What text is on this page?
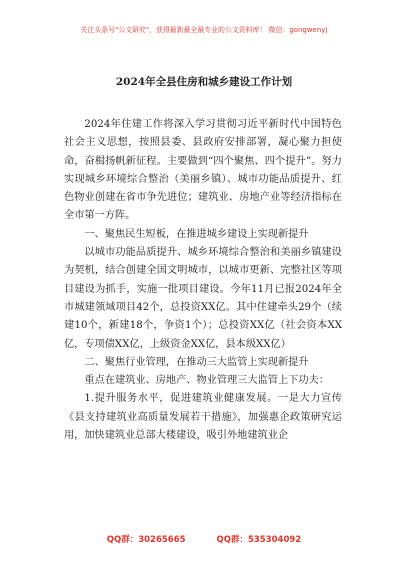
关注头条号"公文研究"，获得最新最全最专业的公文资料库！ 微信：gongwenyj
2024年全县住房和城乡建设工作计划

2024年住建工作将深入学习贯彻习近平新时代中国特色社会主义思想，按照县委、县政府安排部署，凝心聚力担使命，奋楫扬帆新征程。主要做到“四个聚焦、四个提升”。努力实现城乡环境综合整治（美丽乡镇）、城市功能品质提升、红色物业创建在省市争先进位；建筑业、房地产业等经济指标在全市第一方阵。

一、聚焦民生短板，在推进城乡建设上实现新提升

以城市功能品质提升、城乡环境综合整治和美丽乡镇建设为契机，结合创建全国文明城市，以城市更新、完整社区等项目建设为抓手，实施一批项目建设。今年11月已报2024年全市城建领域项目42个，总投资XX亿。其中住建牵头29个（续建10个，新建18个，争资1个）；总投资XX亿（社会资本XX亿，专项债XX亿，上级资金XX亿，县本级XX亿）

二、聚焦行业管理，在推动三大监管上实现新提升

重点在建筑业、房地产、物业管理三大监管上下功夫：

1.提升服务水平，促进建筑业健康发展。一是大力宣传《县支持建筑业高质量发展若干措施》，加强惠企政策研究运用，加快建筑业总部大楼建设，吸引外地建筑业企

QQ群：30265665	QQ群：535304092
